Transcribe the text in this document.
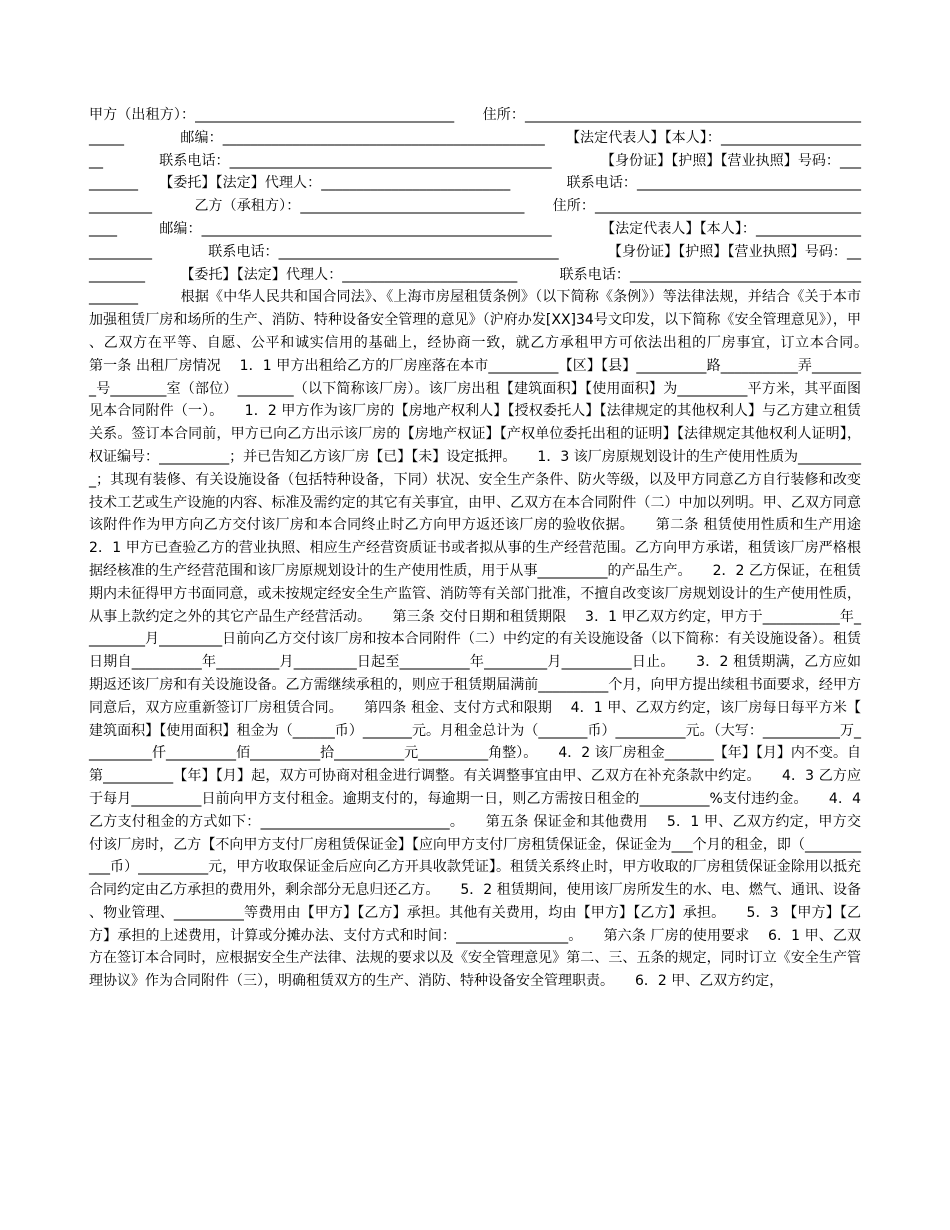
甲方（出租方）：_____________________________________　　住所：_____________________________________________________　　　　邮编：______________________________________________　　【法定代表人】【本人】：______________________　　　　联系电话：______________________________________________　　　　【身份证】【护照】【营业执照】号码：__________　　【委托】【法定】代理人：___________________________　　　　联系电话：_________________________________________　　　乙方（承租方）：________________________________　　住所：__________________________________________　　　邮编：__________________________________________________　　　　【法定代表人】【本人】：________________________　　　　联系电话：________________________________________　　　　【身份证】【护照】【营业执照】号码：__________　　　【委托】【法定】代理人：_________________________　　　联系电话：________________________________________　　　根据《中华人民共和国合同法》、《上海市房屋租赁条例》（以下简称《条例》）等法律法规，并结合《关于本市加强租赁厂房和场所的生产、消防、特种设备安全管理的意见》（沪府办发[XX]34号文印发，以下简称《安全管理意见》），甲、乙双方在平等、自愿、公平和诚实信用的基础上，经协商一致，就乙方承租甲方可依法出租的厂房事宜，订立本合同。　　第一条 出租厂房情况　 1．1 甲方出租给乙方的厂房座落在本市__________【区】【县】__________路___________弄________号________室（部位）________（以下简称该厂房）。该厂房出租【建筑面积】【使用面积】为__________平方米，其平面图见本合同附件（一）。　　1．2 甲方作为该厂房的【房地产权利人】【授权委托人】【法律规定的其他权利人】与乙方建立租赁关系。签订本合同前，甲方已向乙方出示该厂房的【房地产权证】【产权单位委托出租的证明】【法律规定其他权利人证明】，权证编号：__________；并已告知乙方该厂房【已】【未】设定抵押。　　1．3 该厂房原规划设计的生产使用性质为__________；其现有装修、有关设施设备（包括特种设备，下同）状况、安全生产条件、防火等级，以及甲方同意乙方自行装修和改变技术工艺或生产设施的内容、标准及需约定的其它有关事宜，由甲、乙双方在本合同附件（二）中加以列明。甲、乙双方同意该附件作为甲方向乙方交付该厂房和本合同终止时乙方向甲方返还该厂房的验收依据。　　第二条 租赁使用性质和生产用途　 2．1 甲方已查验乙方的营业执照、相应生产经营资质证书或者拟从事的生产经营范围。乙方向甲方承诺，租赁该厂房严格根据经核准的生产经营范围和该厂房原规划设计的生产使用性质，用于从事__________的产品生产。　　2．2 乙方保证，在租赁期内未征得甲方书面同意，或未按规定经安全生产监管、消防等有关部门批准，不擅自改变该厂房规划设计的生产使用性质，从事上款约定之外的其它产品生产经营活动。　　第三条 交付日期和租赁期限　 3．1 甲乙双方约定，甲方于___________年_________月_________日前向乙方交付该厂房和按本合同附件（二）中约定的有关设施设备（以下简称：有关设施设备）。租赁日期自__________年_________月_________日起至__________年_________月__________日止。　　3．2 租赁期满，乙方应如期返还该厂房和有关设施设备。乙方需继续承租的，则应于租赁期届满前__________个月，向甲方提出续租书面要求，经甲方同意后，双方应重新签订厂房租赁合同。　　第四条 租金、支付方式和限期　 4．1 甲、乙双方约定，该厂房每日每平方米【建筑面积】【使用面积】租金为（______币）_______元。月租金总计为（_______币）__________元。（大写：___________万__________仟__________佰__________拾__________元__________角整）。　　4．2 该厂房租金_______【年】【月】内不变。自第__________【年】【月】起，双方可协商对租金进行调整。有关调整事宜由甲、乙双方在补充条款中约定。　　4．3 乙方应于每月__________日前向甲方支付租金。逾期支付的，每逾期一日，则乙方需按日租金的__________%支付违约金。　　4．4 乙方支付租金的方式如下：___________________________。　　第五条 保证金和其他费用　 5．1 甲、乙双方约定，甲方交付该厂房时，乙方【不向甲方支付厂房租赁保证金】【应向甲方支付厂房租赁保证金，保证金为___个月的租金，即（___________币）__________元，甲方收取保证金后应向乙方开具收款凭证】。租赁关系终止时，甲方收取的厂房租赁保证金除用以抵充合同约定由乙方承担的费用外，剩余部分无息归还乙方。　　5．2 租赁期间，使用该厂房所发生的水、电、燃气、通讯、设备、物业管理、__________等费用由【甲方】【乙方】承担。其他有关费用，均由【甲方】【乙方】承担。　　5．3 【甲方】【乙方】承担的上述费用，计算或分摊办法、支付方式和时间：________________。　　第六条 厂房的使用要求　 6．1 甲、乙双方在签订本合同时，应根据安全生产法律、法规的要求以及《安全管理意见》第二、三、五条的规定，同时订立《安全生产管理协议》作为合同附件（三），明确租赁双方的生产、消防、特种设备安全管理职责。　　6．2 甲、乙双方约定，
